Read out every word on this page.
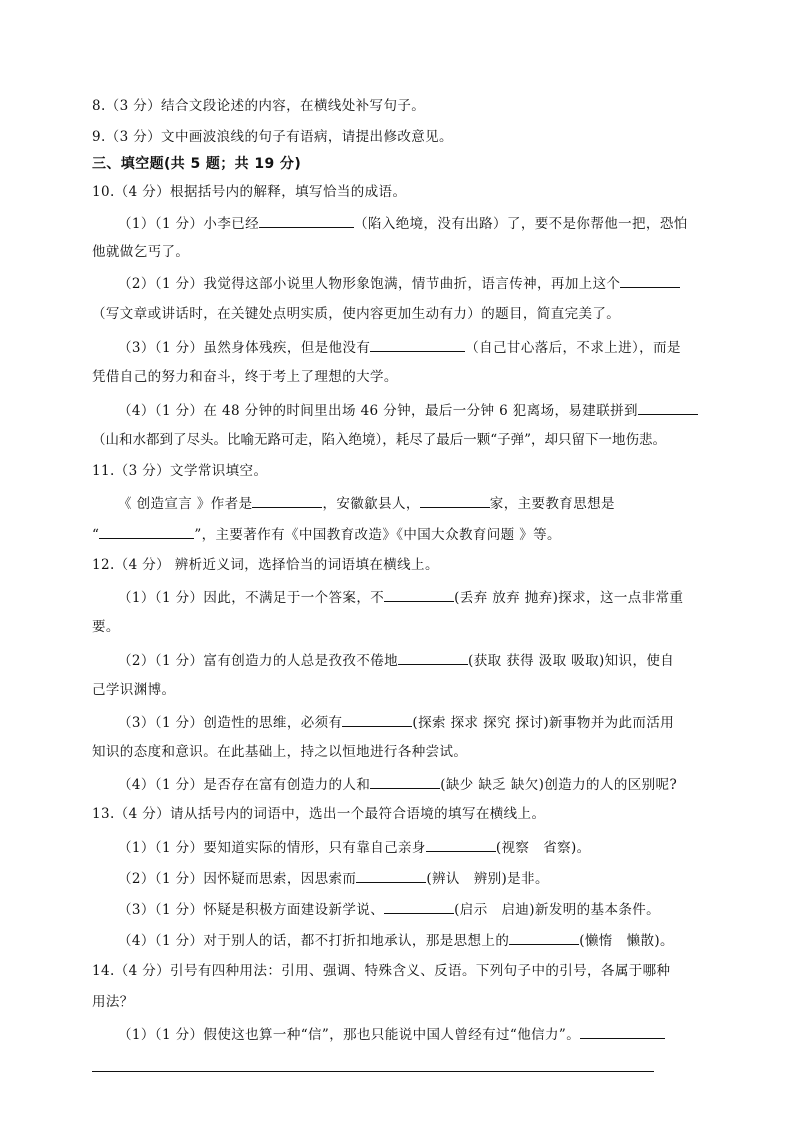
8.（3 分）结合文段论述的内容，在横线处补写句子。
9.（3 分）文中画波浪线的句子有语病，请提出修改意见。
三、填空题(共 5 题；共 19 分)
10.（4 分）根据括号内的解释，填写恰当的成语。
（1）（1 分）小李已经	（陷入绝境，没有出路）了，要不是你帮他一把，恐怕
他就做乞丐了。
（2）（1 分）我觉得这部小说里人物形象饱满，情节曲折，语言传神，再加上这个
（写文章或讲话时，在关键处点明实质，使内容更加生动有力）的题目，简直完美了。
（3）（1 分）虽然身体残疾，但是他没有	（自己甘心落后，不求上进），而是
凭借自己的努力和奋斗，终于考上了理想的大学。
（4）（1 分）在 48 分钟的时间里出场 46 分钟，最后一分钟 6 犯离场，易建联拼到
（山和水都到了尽头。比喻无路可走，陷入绝境），耗尽了最后一颗“子弹”，却只留下一地伤悲。
11.（3 分）文学常识填空。
《 创造宣言 》作者是	，安徽歙县人，	家，主要教育思想是
“	”，主要著作有《中国教育改造》《中国大众教育问题 》等。
12.（4 分） 辨析近义词，选择恰当的词语填在横线上。
（1）（1 分）因此，不满足于一个答案，不	(丢弃 放弃 抛弃)探求，这一点非常重
要。
（2）（1 分）富有创造力的人总是孜孜不倦地	(获取 获得 汲取 吸取)知识，使自
己学识渊博。
（3）（1 分）创造性的思维，必须有	(探索 探求 探究 探讨)新事物并为此而活用
知识的态度和意识。在此基础上，持之以恒地进行各种尝试。
（4）（1 分）是否存在富有创造力的人和	(缺少 缺乏 缺欠)创造力的人的区别呢?
13.（4 分）请从括号内的词语中，选出一个最符合语境的填写在横线上。
（1）（1 分）要知道实际的情形，只有靠自己亲身	(视察　省察)。
（2）（1 分）因怀疑而思索，因思索而	(辨认　辨别)是非。
（3）（1 分）怀疑是积极方面建设新学说、	(启示　启迪)新发明的基本条件。
（4）（1 分）对于别人的话，都不打折扣地承认，那是思想上的	(懒惰　懒散)。
14.（4 分）引号有四种用法：引用、强调、特殊含义、反语。下列句子中的引号，各属于哪种
用法？
（1）（1 分）假使这也算一种“信”，那也只能说中国人曾经有过“他信力”。
